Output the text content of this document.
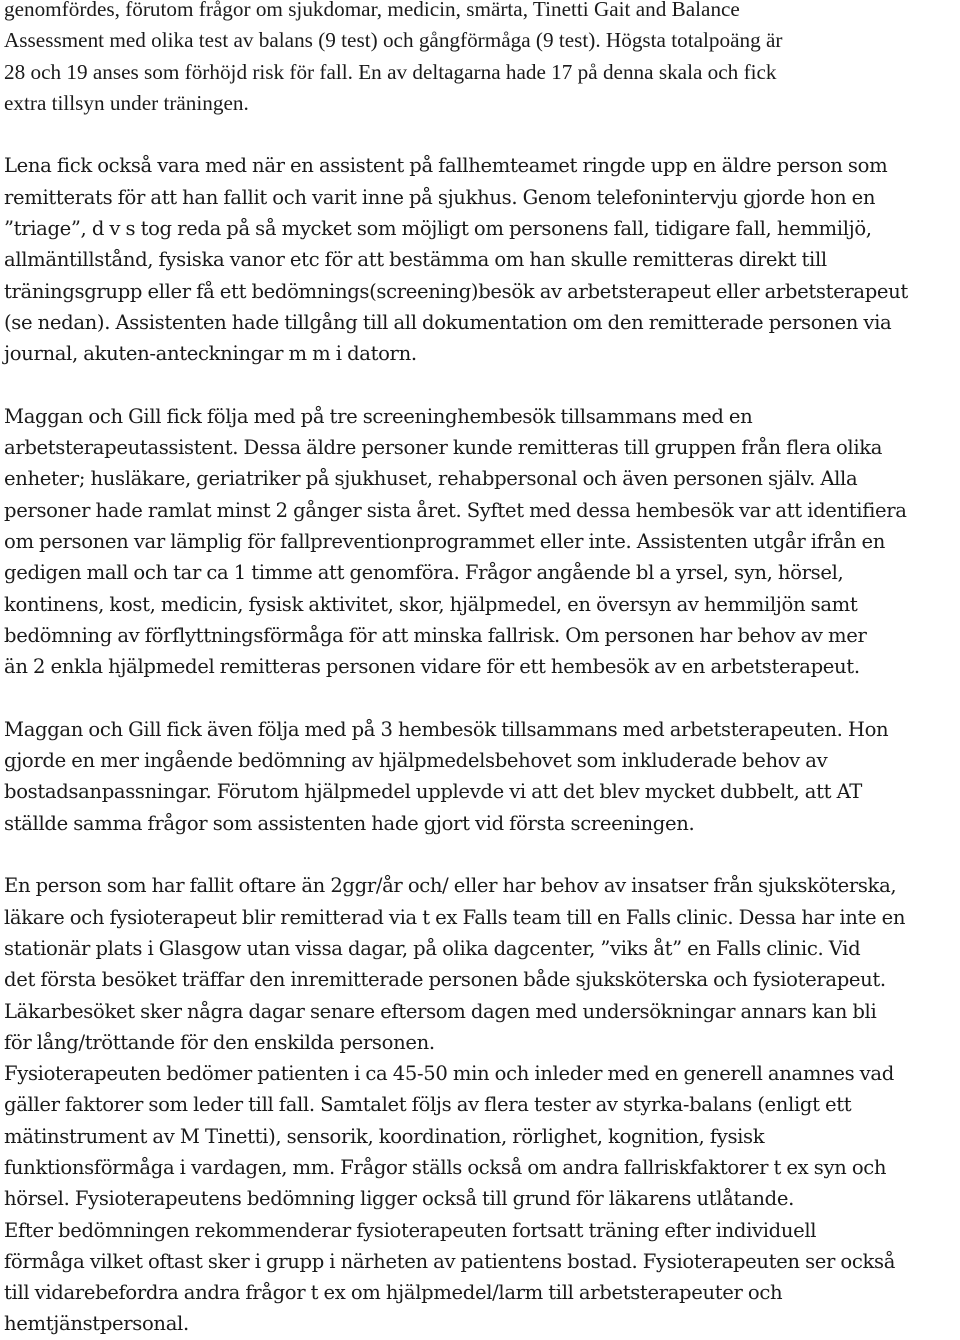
genomfördes, förutom frågor om sjukdomar, medicin, smärta, Tinetti Gait and Balance
Assessment med olika test av balans (9 test) och gångförmåga (9 test). Högsta totalpoäng är
28 och 19 anses som förhöjd risk för fall. En av deltagarna hade 17 på denna skala och fick
extra tillsyn under träningen.

Lena fick också vara med när en assistent på fallhemteamet ringde upp en äldre person som
remitterats för att han fallit och varit inne på sjukhus. Genom telefonintervju gjorde hon en
”triage”, d v s tog reda på så mycket som möjligt om personens fall, tidigare fall, hemmiljö,
allmäntillstånd, fysiska vanor etc för att bestämma om han skulle remitteras direkt till
träningsgrupp eller få ett bedömnings(screening)besök av arbetsterapeut eller arbetsterapeut
(se nedan). Assistenten hade tillgång till all dokumentation om den remitterade personen via
journal, akuten-anteckningar m m i datorn.

Maggan och Gill fick följa med på tre screeninghembesök tillsammans med en
arbetsterapeutassistent. Dessa äldre personer kunde remitteras till gruppen från flera olika
enheter; husläkare, geriatriker på sjukhuset, rehabpersonal och även personen själv. Alla
personer hade ramlat minst 2 gånger sista året. Syftet med dessa hembesök var att identifiera
om personen var lämplig för fallpreventionprogrammet eller inte. Assistenten utgår ifrån en
gedigen mall och tar ca 1 timme att genomföra. Frågor angående bl a yrsel, syn, hörsel,
kontinens, kost, medicin, fysisk aktivitet, skor, hjälpmedel, en översyn av hemmiljön samt
bedömning av förflyttningsförmåga för att minska fallrisk. Om personen har behov av mer
än 2 enkla hjälpmedel remitteras personen vidare för ett hembesök av en arbetsterapeut.

Maggan och Gill fick även följa med på 3 hembesök tillsammans med arbetsterapeuten. Hon
gjorde en mer ingående bedömning av hjälpmedelsbehovet som inkluderade behov av
bostadsanpassningar. Förutom hjälpmedel upplevde vi att det blev mycket dubbelt, att AT
ställde samma frågor som assistenten hade gjort vid första screeningen.

En person som har fallit oftare än 2ggr/år och/ eller har behov av insatser från sjuksköterska,
läkare och fysioterapeut blir remitterad via t ex Falls team till en Falls clinic. Dessa har inte en
stationär plats i Glasgow utan vissa dagar, på olika dagcenter, ”viks åt” en Falls clinic. Vid
det första besöket träffar den inremitterade personen både sjuksköterska och fysioterapeut.
Läkarbesöket sker några dagar senare eftersom dagen med undersökningar annars kan bli
för lång/tröttande för den enskilda personen.

Fysioterapeuten bedömer patienten i ca 45-50 min och inleder med en generell anamnes vad
gäller faktorer som leder till fall. Samtalet följs av flera tester av styrka-balans (enligt ett
mätinstrument av M Tinetti), sensorik, koordination, rörlighet, kognition, fysisk
funktionsförmåga i vardagen, mm. Frågor ställs också om andra fallriskfaktorer t ex syn och
hörsel. Fysioterapeutens bedömning ligger också till grund för läkarens utlåtande.

Efter bedömningen rekommenderar fysioterapeuten fortsatt träning efter individuell
förmåga vilket oftast sker i grupp i närheten av patientens bostad. Fysioterapeuten ser också
till vidarebefordra andra frågor t ex om hjälpmedel/larm till arbetsterapeuter och
hemtjänstpersonal.
